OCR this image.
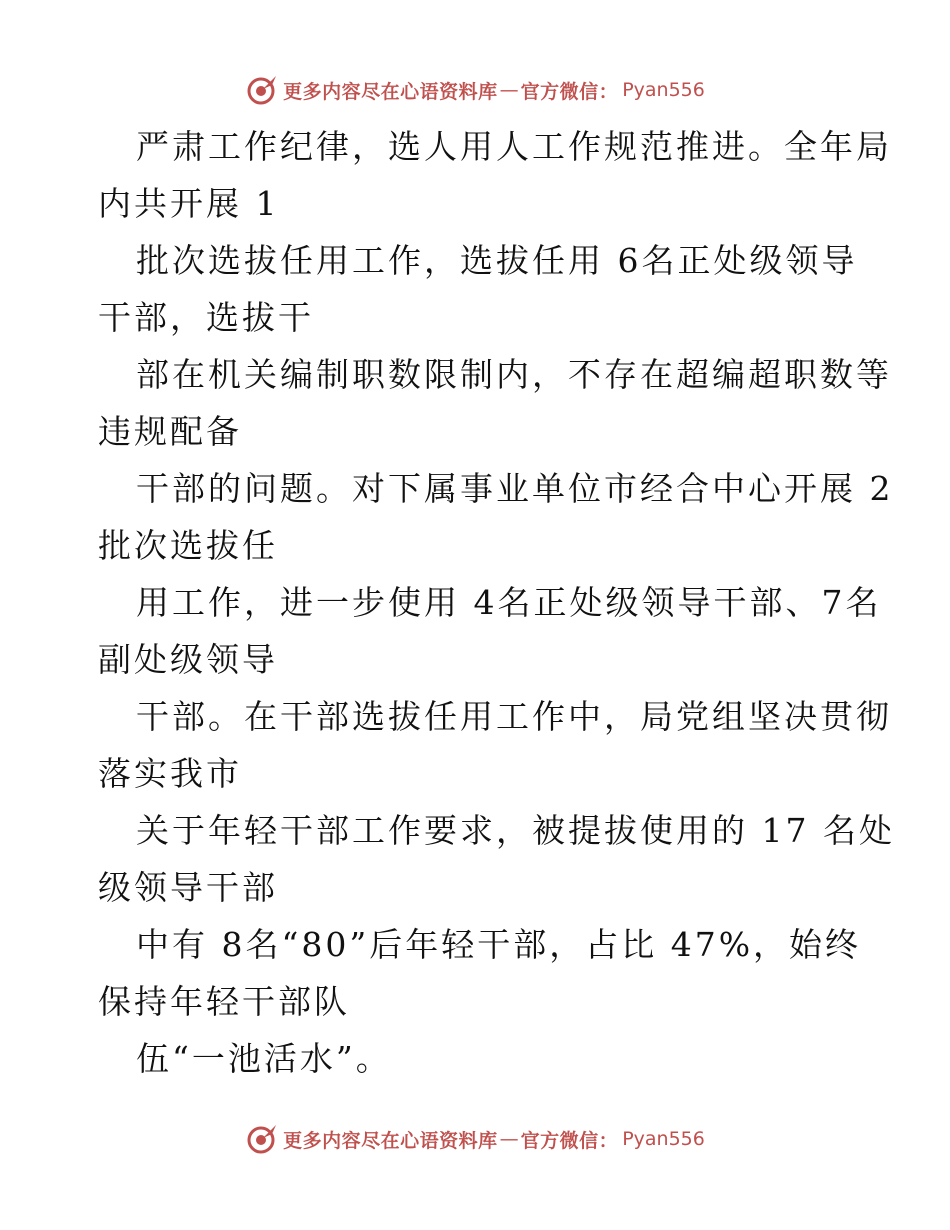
更多内容尽在心语资料库 — 官方微信： Pyan556
严肃工作纪律，选人用人工作规范推进。全年局
内共开展 1
批次选拔任用工作，选拔任用 6名正处级领导
干部，选拔干
部在机关编制职数限制内，不存在超编超职数等
违规配备
干部的问题。对下属事业单位市经合中心开展 2
批次选拔任
用工作，进一步使用 4名正处级领导干部、7名
副处级领导
干部。在干部选拔任用工作中，局党组坚决贯彻
落实我市
关于年轻干部工作要求，被提拔使用的 17 名处
级领导干部
中有 8名“80”后年轻干部，占比 47%，始终
保持年轻干部队
伍“一池活水”。
更多内容尽在心语资料库 — 官方微信： Pyan556
